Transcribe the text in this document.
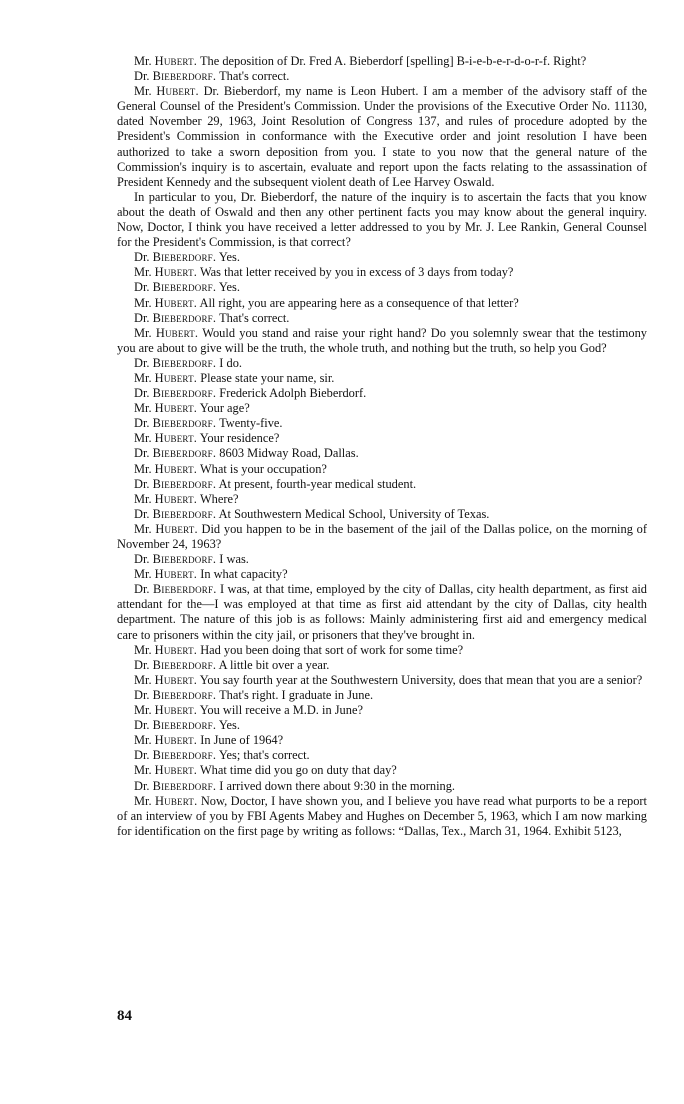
Mr. Hubert. The deposition of Dr. Fred A. Bieberdorf [spelling] B-i-e-b-e-r-d-o-r-f. Right?

Dr. Bieberdorf. That's correct.

Mr. Hubert. Dr. Bieberdorf, my name is Leon Hubert. I am a member of the advisory staff of the General Counsel of the President's Commission. Under the provisions of the Executive Order No. 11130, dated November 29, 1963, Joint Resolution of Congress 137, and rules of procedure adopted by the President's Commission in conformance with the Executive order and joint resolution I have been authorized to take a sworn deposition from you. I state to you now that the general nature of the Commission's inquiry is to ascertain, evaluate and report upon the facts relating to the assassination of President Kennedy and the subsequent violent death of Lee Harvey Oswald.

In particular to you, Dr. Bieberdorf, the nature of the inquiry is to ascertain the facts that you know about the death of Oswald and then any other pertinent facts you may know about the general inquiry. Now, Doctor, I think you have received a letter addressed to you by Mr. J. Lee Rankin, General Counsel for the President's Commission, is that correct?

Dr. Bieberdorf. Yes.

Mr. Hubert. Was that letter received by you in excess of 3 days from today?

Dr. Bieberdorf. Yes.

Mr. Hubert. All right, you are appearing here as a consequence of that letter?

Dr. Bieberdorf. That's correct.

Mr. Hubert. Would you stand and raise your right hand? Do you solemnly swear that the testimony you are about to give will be the truth, the whole truth, and nothing but the truth, so help you God?

Dr. Bieberdorf. I do.

Mr. Hubert. Please state your name, sir.

Dr. Bieberdorf. Frederick Adolph Bieberdorf.

Mr. Hubert. Your age?

Dr. Bieberdorf. Twenty-five.

Mr. Hubert. Your residence?

Dr. Bieberdorf. 8603 Midway Road, Dallas.

Mr. Hubert. What is your occupation?

Dr. Bieberdorf. At present, fourth-year medical student.

Mr. Hubert. Where?

Dr. Bieberdorf. At Southwestern Medical School, University of Texas.

Mr. Hubert. Did you happen to be in the basement of the jail of the Dallas police, on the morning of November 24, 1963?

Dr. Bieberdorf. I was.

Mr. Hubert. In what capacity?

Dr. Bieberdorf. I was, at that time, employed by the city of Dallas, city health department, as first aid attendant for the—I was employed at that time as first aid attendant by the city of Dallas, city health department. The nature of this job is as follows: Mainly administering first aid and emergency medical care to prisoners within the city jail, or prisoners that they've brought in.

Mr. Hubert. Had you been doing that sort of work for some time?

Dr. Bieberdorf. A little bit over a year.

Mr. Hubert. You say fourth year at the Southwestern University, does that mean that you are a senior?

Dr. Bieberdorf. That's right. I graduate in June.

Mr. Hubert. You will receive a M.D. in June?

Dr. Bieberdorf. Yes.

Mr. Hubert. In June of 1964?

Dr. Bieberdorf. Yes; that's correct.

Mr. Hubert. What time did you go on duty that day?

Dr. Bieberdorf. I arrived down there about 9:30 in the morning.

Mr. Hubert. Now, Doctor, I have shown you, and I believe you have read what purports to be a report of an interview of you by FBI Agents Mabey and Hughes on December 5, 1963, which I am now marking for identification on the first page by writing as follows: “Dallas, Tex., March 31, 1964. Exhibit 5123,

84
